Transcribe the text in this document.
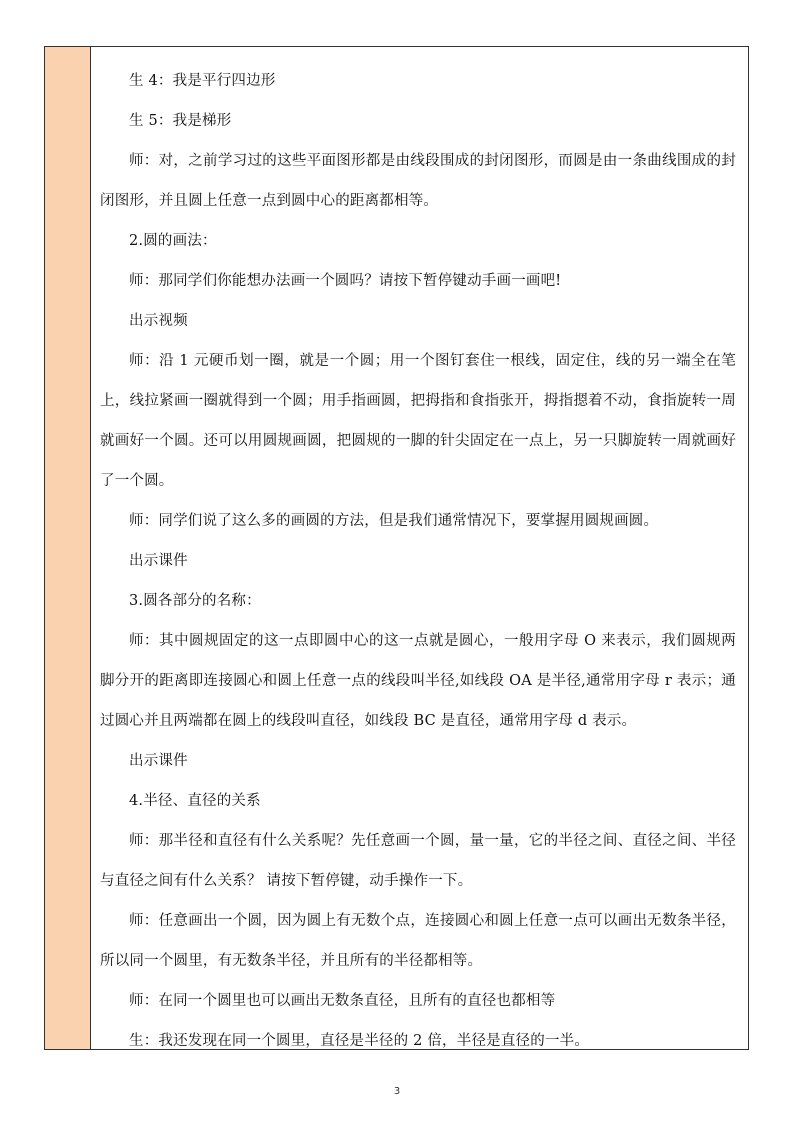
生 4：我是平行四边形

生 5：我是梯形

师：对，之前学习过的这些平面图形都是由线段围成的封闭图形，而圆是由一条曲线围成的封闭图形，并且圆上任意一点到圆中心的距离都相等。

2.圆的画法：

师：那同学们你能想办法画一个圆吗？请按下暂停键动手画一画吧!

出示视频

师：沿 1 元硬币划一圈，就是一个圆；用一个图钉套住一根线，固定住，线的另一端全在笔上，线拉紧画一圈就得到一个圆；用手指画圆，把拇指和食指张开，拇指摁着不动，食指旋转一周就画好一个圆。还可以用圆规画圆，把圆规的一脚的针尖固定在一点上，另一只脚旋转一周就画好了一个圆。

师：同学们说了这么多的画圆的方法，但是我们通常情况下，要掌握用圆规画圆。

出示课件

3.圆各部分的名称：

师：其中圆规固定的这一点即圆中心的这一点就是圆心，一般用字母 O 来表示，我们圆规两脚分开的距离即连接圆心和圆上任意一点的线段叫半径,如线段 OA 是半径,通常用字母 r 表示；通过圆心并且两端都在圆上的线段叫直径，如线段 BC 是直径，通常用字母 d 表示。

出示课件

4.半径、直径的关系

师：那半径和直径有什么关系呢？先任意画一个圆，量一量，它的半径之间、直径之间、半径与直径之间有什么关系？ 请按下暂停键，动手操作一下。

师：任意画出一个圆，因为圆上有无数个点，连接圆心和圆上任意一点可以画出无数条半径，所以同一个圆里，有无数条半径，并且所有的半径都相等。

师：在同一个圆里也可以画出无数条直径，且所有的直径也都相等

生：我还发现在同一个圆里，直径是半径的 2 倍，半径是直径的一半。

3
